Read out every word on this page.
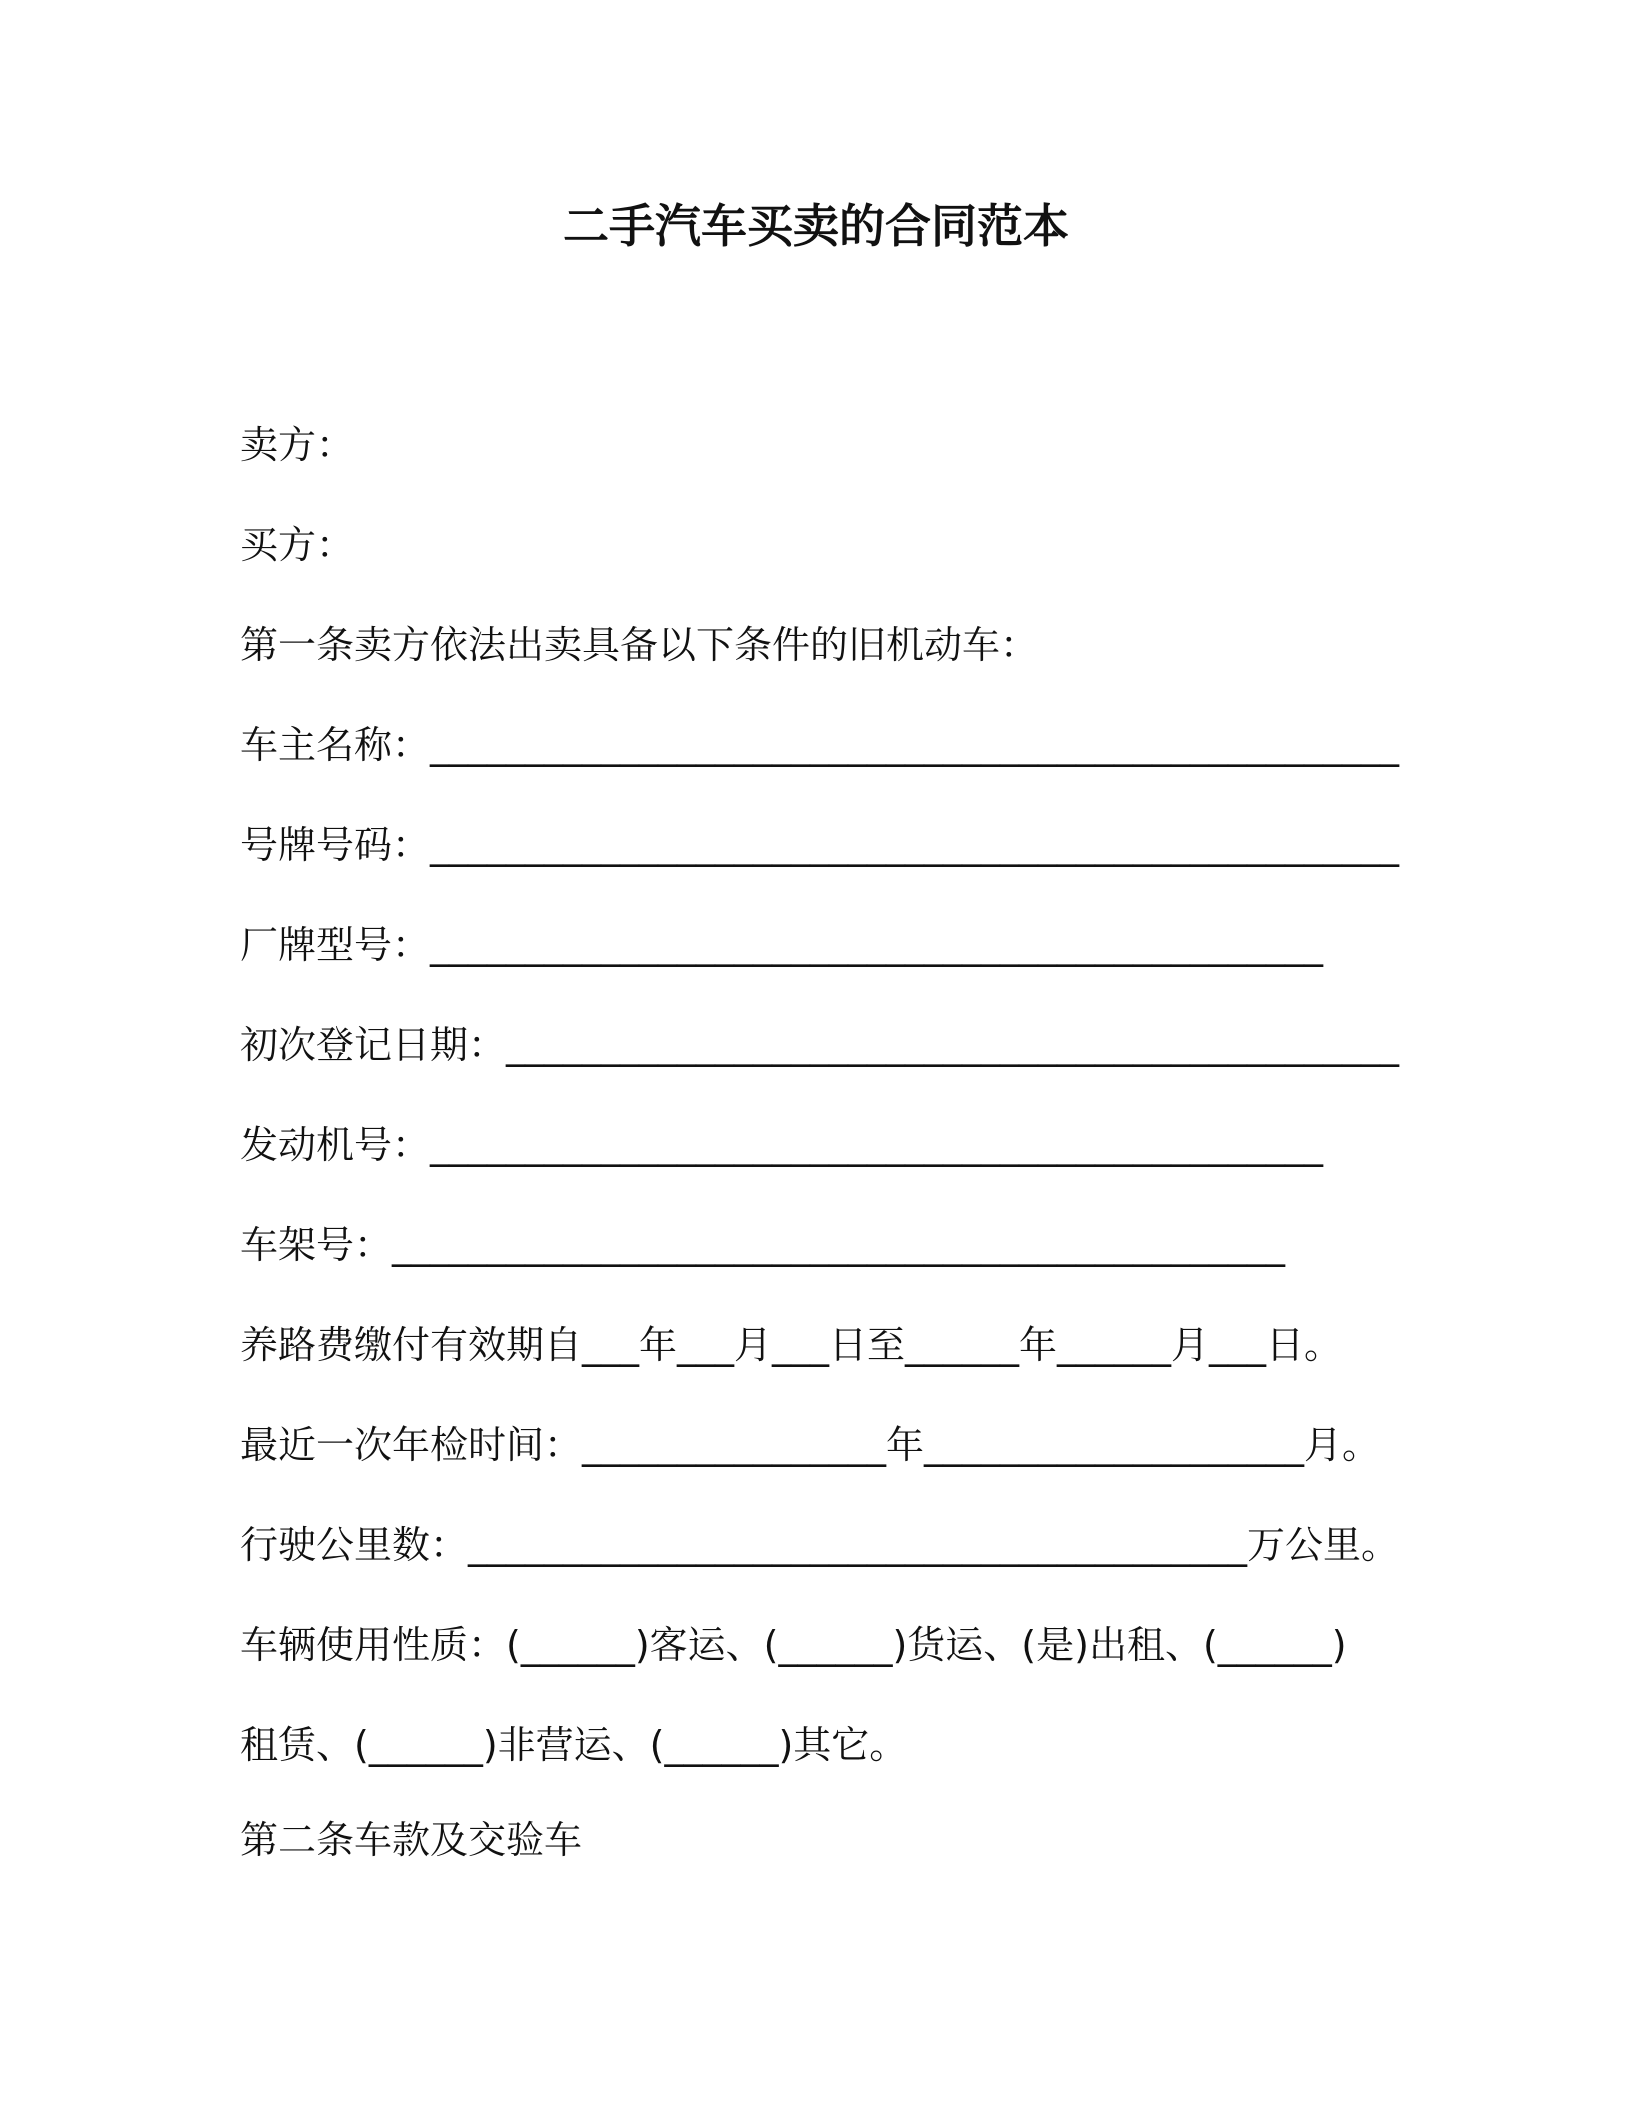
二手汽车买卖的合同范本
卖方：
买方：
第一条卖方依法出卖具备以下条件的旧机动车：
车主名称：___________________________________________________
号牌号码：___________________________________________________
厂牌型号：_______________________________________________
初次登记日期：_______________________________________________
发动机号：_______________________________________________
车架号：_______________________________________________
养路费缴付有效期自___年___月___日至______年______月___日。
最近一次年检时间：________________年____________________月。
行驶公里数：_________________________________________万公里。
车辆使用性质：(______)客运、(______)货运、(是)出租、(______)
租赁、(______)非营运、(______)其它。
第二条车款及交验车
